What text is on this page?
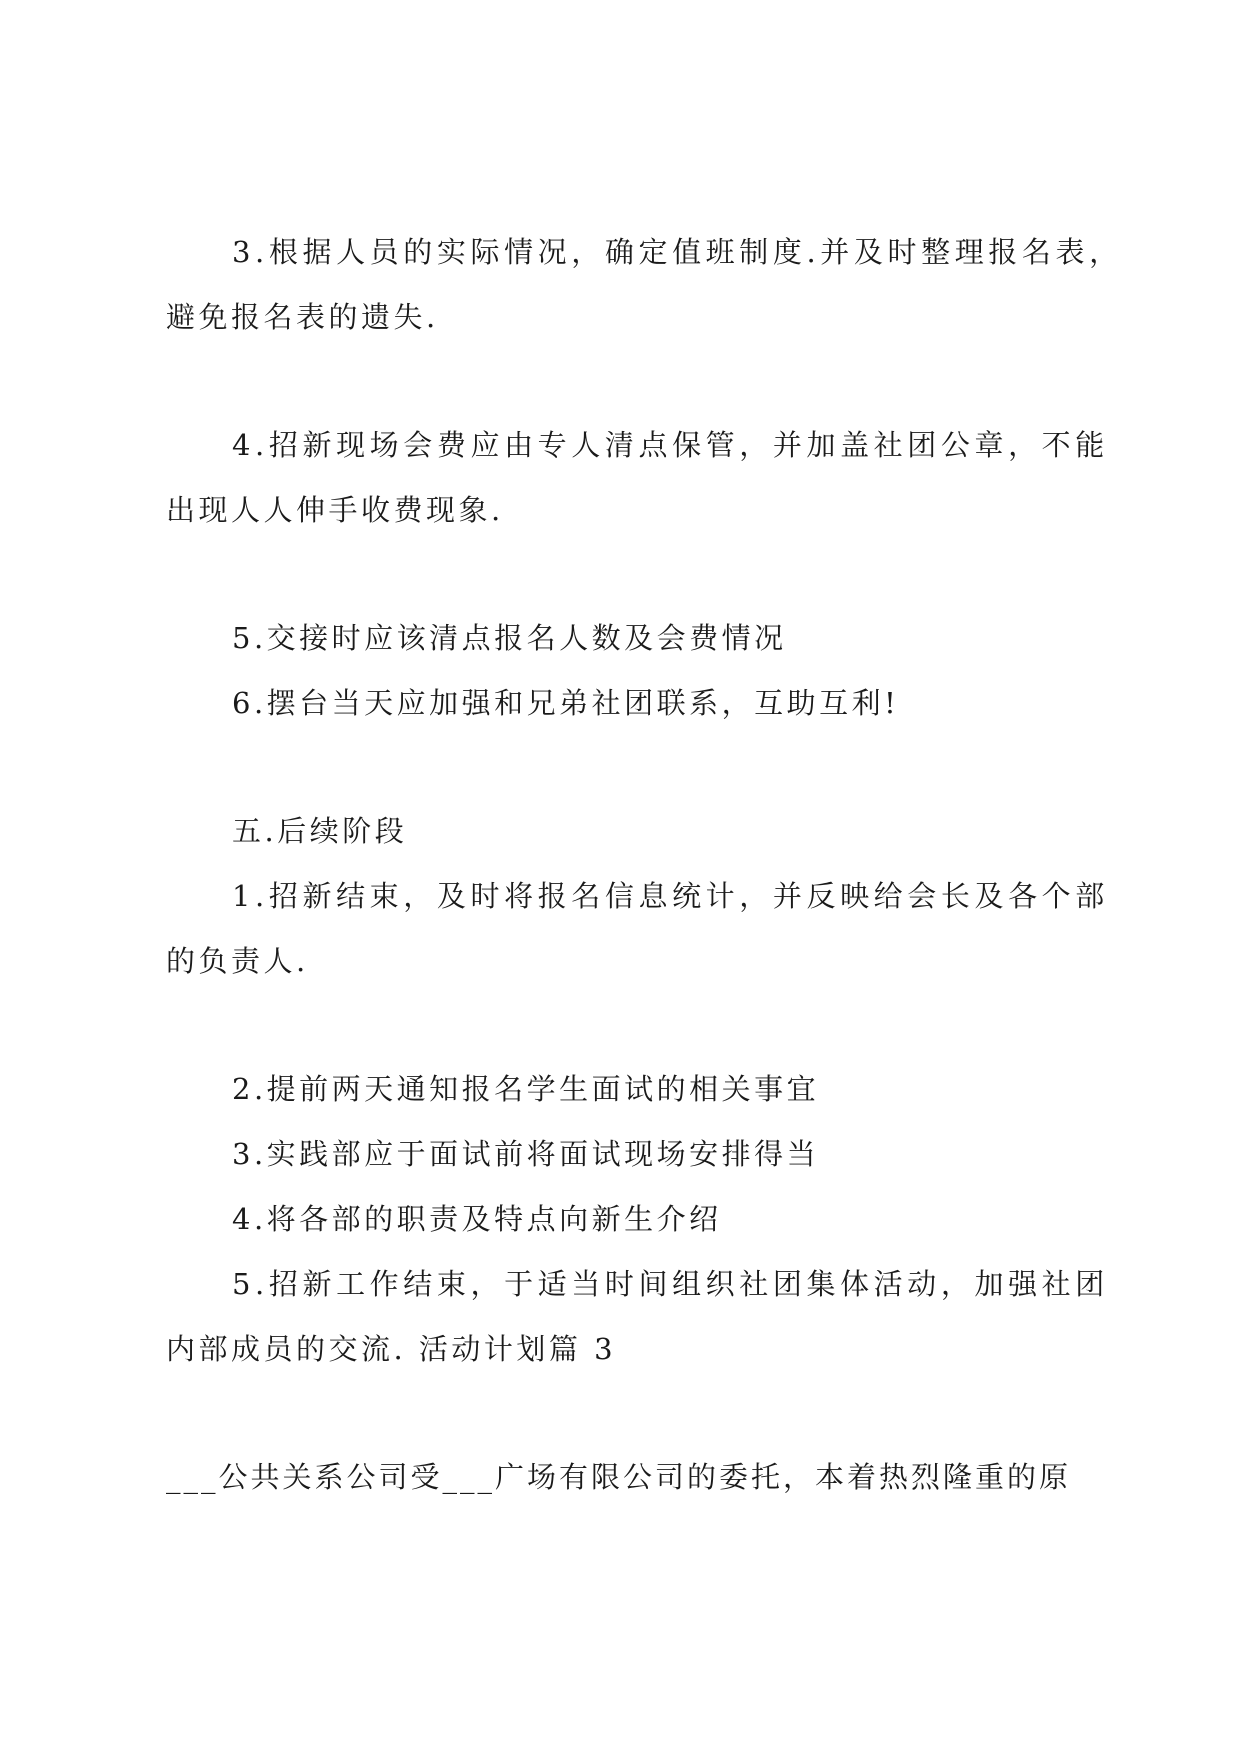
3.根据人员的实际情况，确定值班制度.并及时整理报名表，
避免报名表的遗失.
4.招新现场会费应由专人清点保管，并加盖社团公章，不能
出现人人伸手收费现象.
5.交接时应该清点报名人数及会费情况
6.摆台当天应加强和兄弟社团联系，互助互利!
五.后续阶段
1.招新结束，及时将报名信息统计，并反映给会长及各个部
的负责人.
2.提前两天通知报名学生面试的相关事宜
3.实践部应于面试前将面试现场安排得当
4.将各部的职责及特点向新生介绍
5.招新工作结束，于适当时间组织社团集体活动，加强社团
内部成员的交流. 活动计划篇 3
___公共关系公司受___广场有限公司的委托，本着热烈隆重的原
